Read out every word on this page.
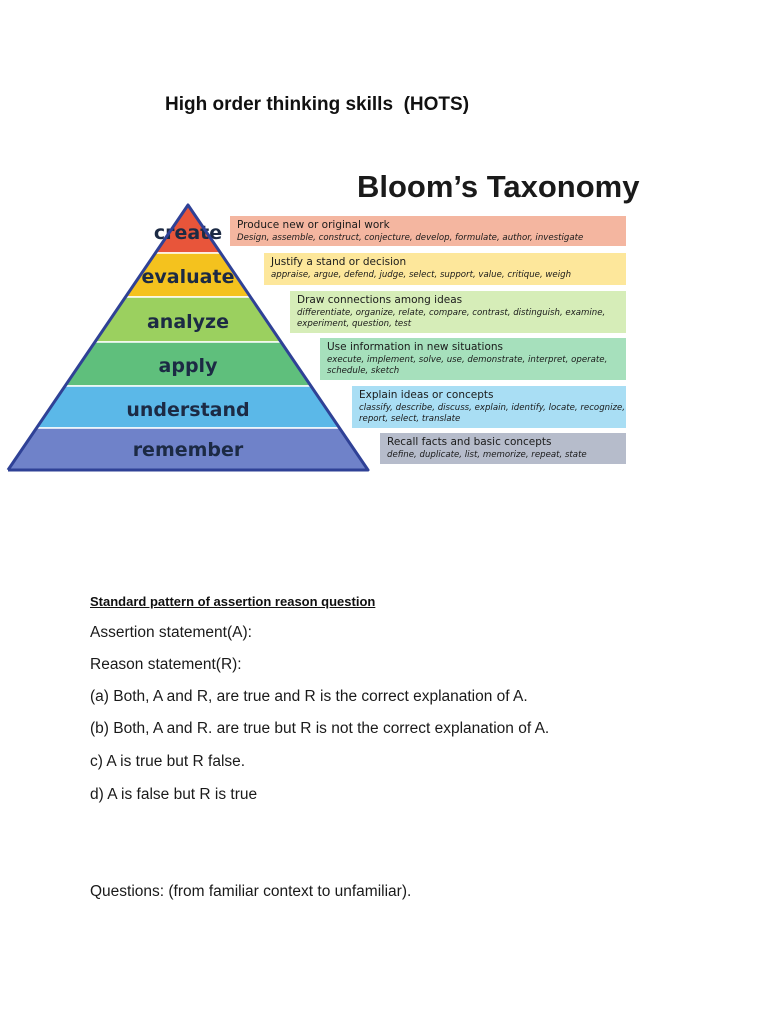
High order thinking skills  (HOTS)
Bloom’s Taxonomy
create Produce new or original work
Design, assemble, construct, conjecture, develop, formulate, author, investigate
evaluate
Justify a stand or decision
appraise, argue, defend, judge, select, support, value, critique, weigh
analyze
Draw connections among ideas
differentiate, organize, relate, compare, contrast, distinguish, examine,
experiment, question, test
apply
Use information in new situations
execute, implement, solve, use, demonstrate, interpret, operate,
schedule, sketch
understand
Explain ideas or concepts
classify, describe, discuss, explain, identify, locate, recognize,
report, select, translate
remember	Recall facts and basic concepts
define, duplicate, list, memorize, repeat, state
Standard pattern of assertion reason question
Assertion statement(A):
Reason statement(R):
(a) Both, A and R, are true and R is the correct explanation of A.
(b) Both, A and R. are true but R is not the correct explanation of A.
c) A is true but R false.
d) A is false but R is true
Questions: (from familiar context to unfamiliar).
